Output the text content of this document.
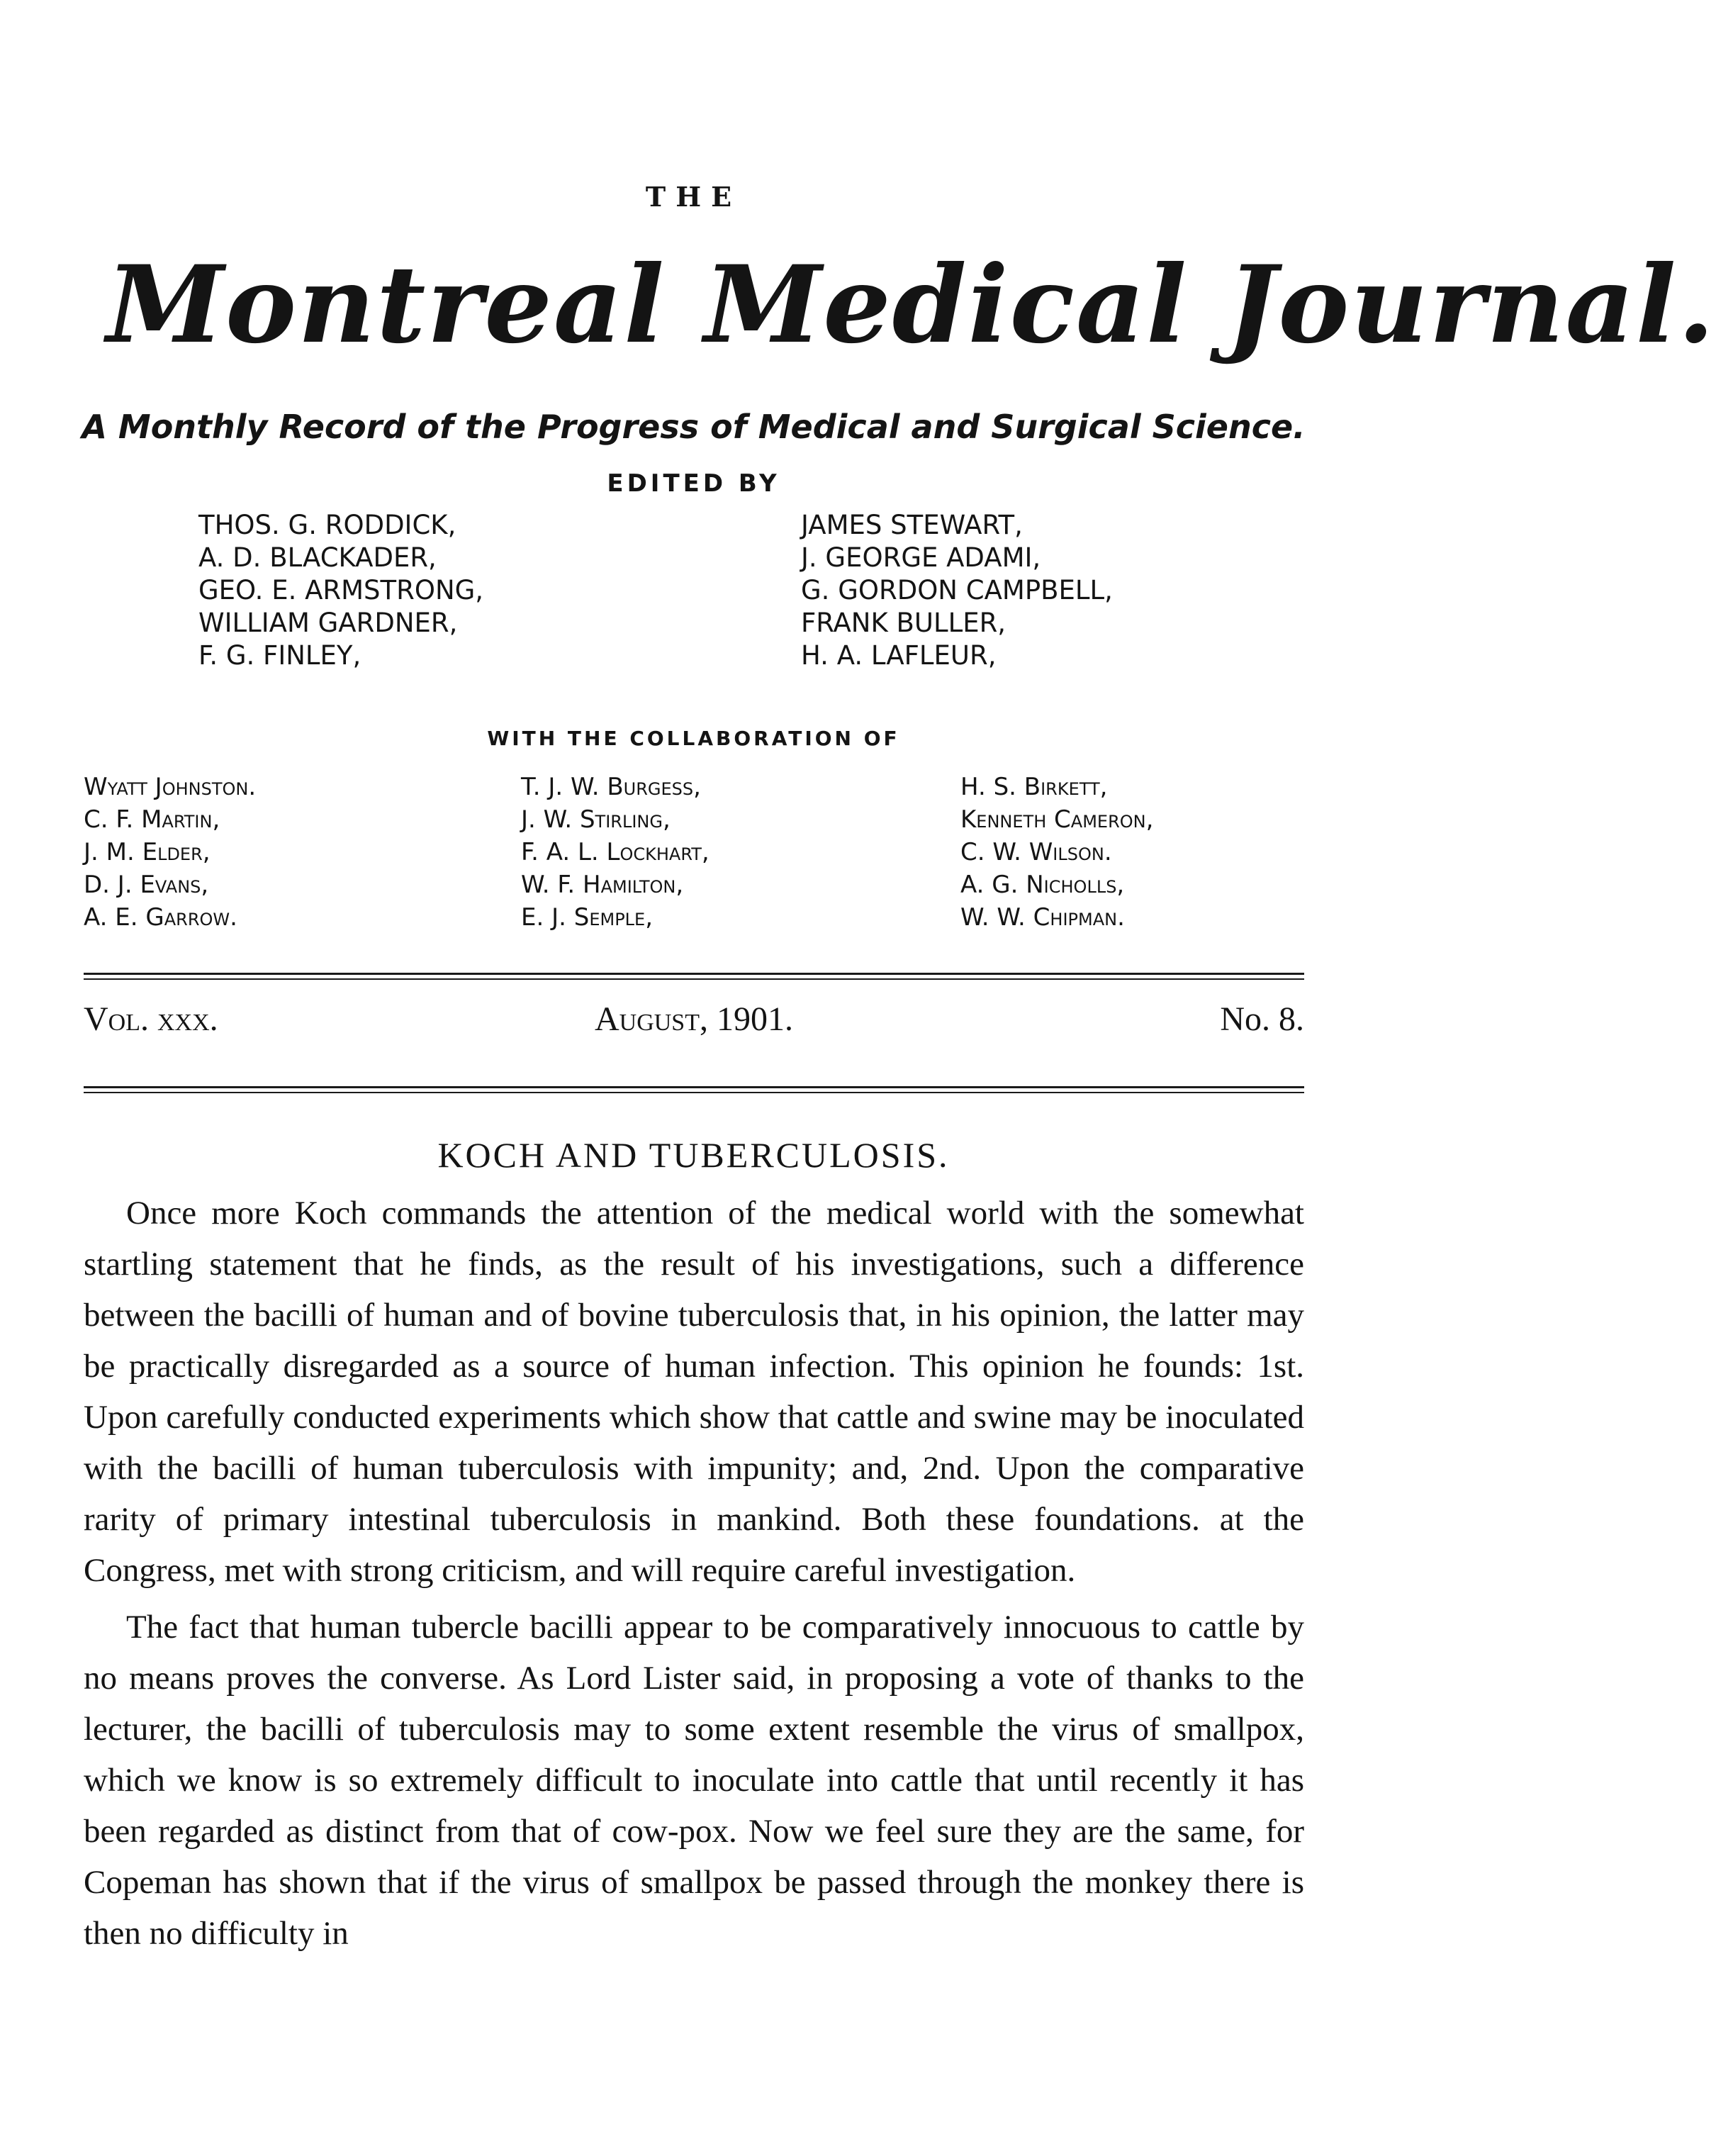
THE
Montreal Medical Journal.
A Monthly Record of the Progress of Medical and Surgical Science.
EDITED BY
THOS. G. RODDICK,
A. D. BLACKADER,
GEO. E. ARMSTRONG,
WILLIAM GARDNER,
F. G. FINLEY,
JAMES STEWART,
J. GEORGE ADAMI,
G. GORDON CAMPBELL,
FRANK BULLER,
H. A. LAFLEUR,
WITH THE COLLABORATION OF
Wyatt Johnston.
C. F. Martin,
J. M. Elder,
D. J. Evans,
A. E. Garrow.
T. J. W. Burgess,
J. W. Stirling,
F. A. L. Lockhart,
W. F. Hamilton,
E. J. Semple,
H. S. Birkett,
Kenneth Cameron,
C. W. Wilson.
A. G. Nicholls,
W. W. Chipman.
Vol. xxx.	August, 1901.	No. 8.
KOCH AND TUBERCULOSIS.

Once more Koch commands the attention of the medical world with the somewhat startling statement that he finds, as the result of his investigations, such a difference between the bacilli of human and of bovine tuberculosis that, in his opinion, the latter may be practically disregarded as a source of human infection. This opinion he founds: 1st. Upon carefully conducted experiments which show that cattle and swine may be inoculated with the bacilli of human tuberculosis with impunity; and, 2nd. Upon the comparative rarity of primary intestinal tuberculosis in mankind. Both these foundations. at the Congress, met with strong criticism, and will require careful investigation.

The fact that human tubercle bacilli appear to be comparatively innocuous to cattle by no means proves the converse. As Lord Lister said, in proposing a vote of thanks to the lecturer, the bacilli of tuberculosis may to some extent resemble the virus of smallpox, which we know is so extremely difficult to inoculate into cattle that until recently it has been regarded as distinct from that of cow-pox. Now we feel sure they are the same, for Copeman has shown that if the virus of smallpox be passed through the monkey there is then no difficulty in
